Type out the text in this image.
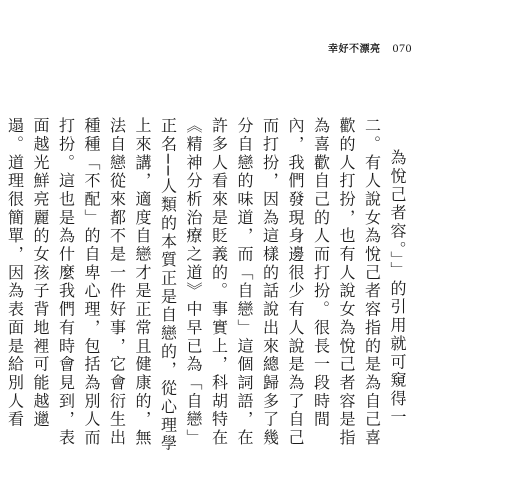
幸好不漂亮 070

為悅己者容。」」的引用就可窺得一二。有人說女為悅己者容指的是為自己喜歡的人打扮，也有人說女為悅己者容是指為喜歡自己的人而打扮。很長一段時間內，我們發現身邊很少有人說是為了自己而打扮，因為這樣的話說出來總歸多了幾分自戀的味道，而「自戀」這個詞語，在許多人看來是貶義的。事實上，科胡特在《精神分析治療之道》中早已為「自戀」正名──人類的本質正是自戀的，從心理學上來講，適度自戀才是正常且健康的，無法自戀從來都不是一件好事，它會衍生出種種「不配」的自卑心理，包括為別人而打扮。這也是為什麼我們有時會見到，表面越光鮮亮麗的女孩子背地裡可能越邋遢。道理很簡單，因為表面是給別人看
